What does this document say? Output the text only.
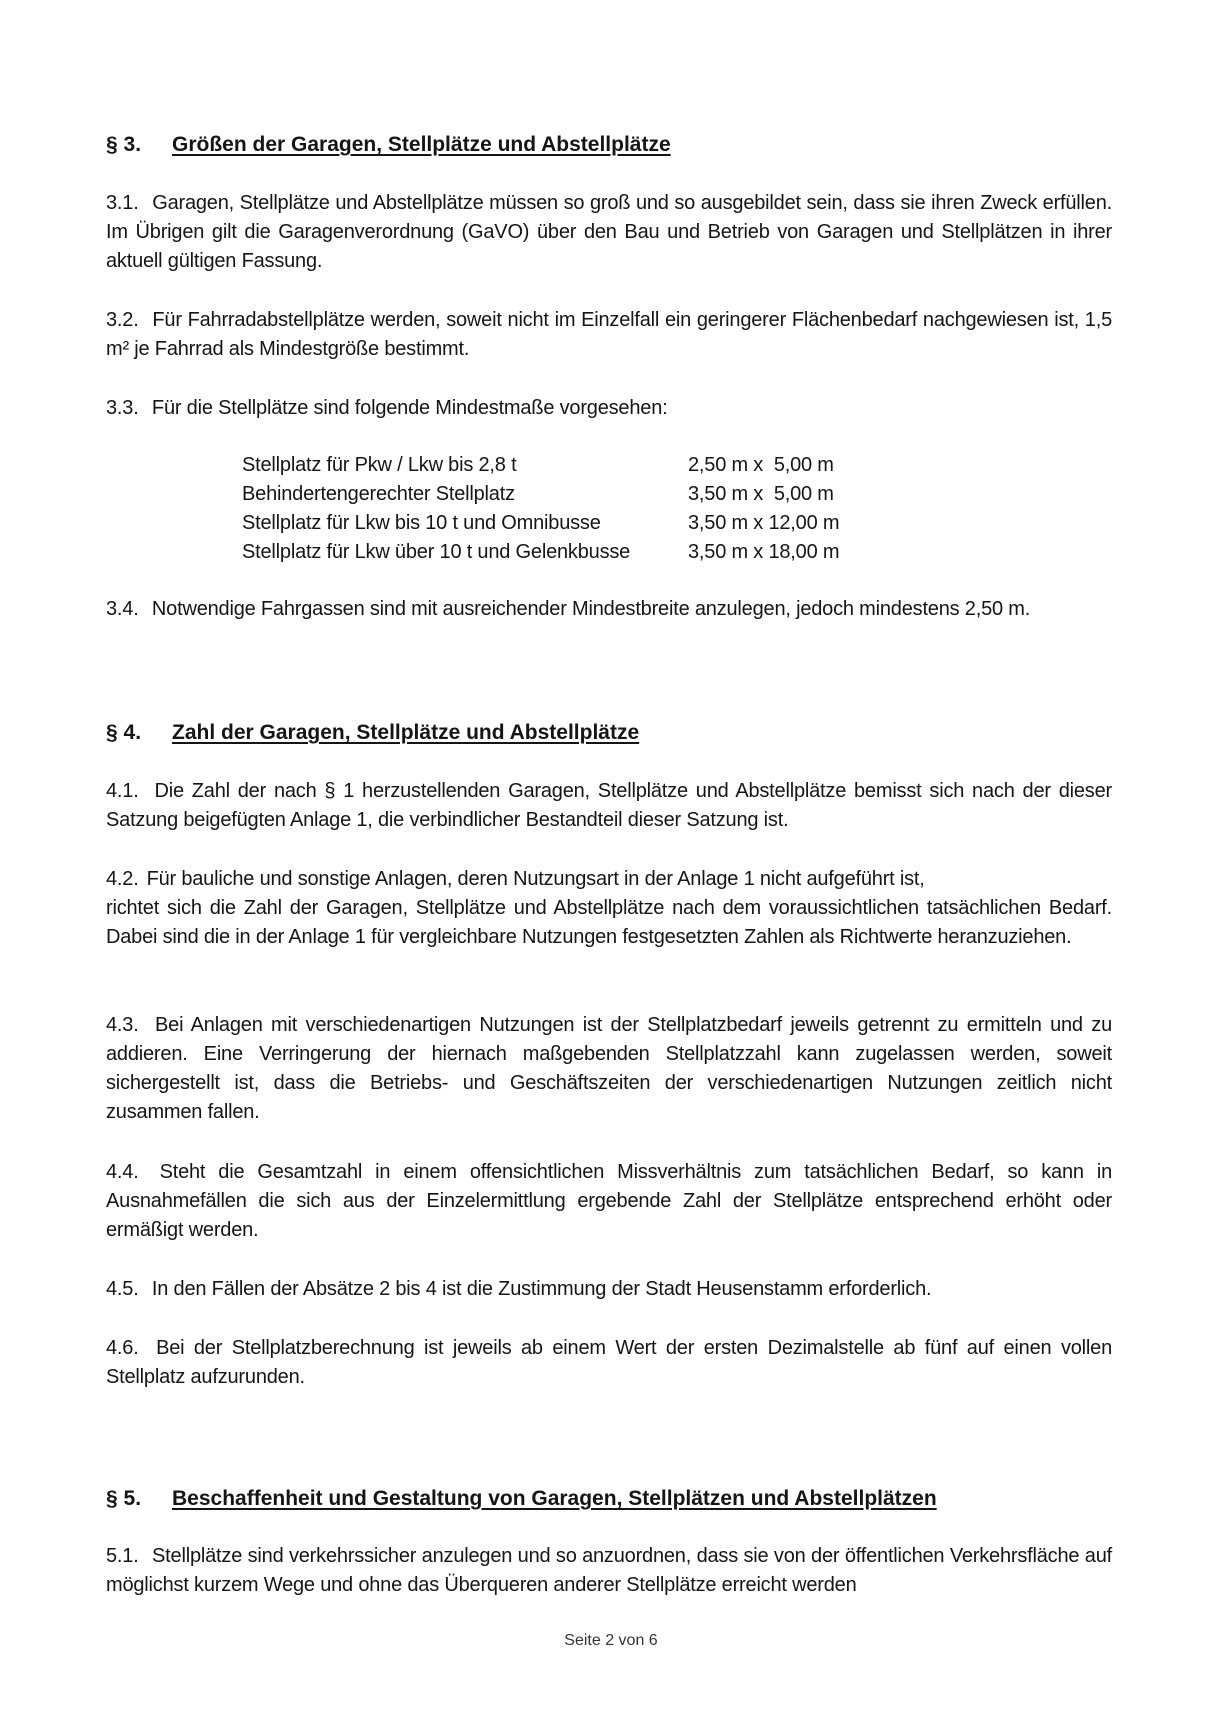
§ 3. Größen der Garagen, Stellplätze und Abstellplätze
3.1. Garagen, Stellplätze und Abstellplätze müssen so groß und so ausgebildet sein, dass sie ihren Zweck erfüllen. Im Übrigen gilt die Garagenverordnung (GaVO) über den Bau und Betrieb von Garagen und Stellplätzen in ihrer aktuell gültigen Fassung.
3.2. Für Fahrradabstellplätze werden, soweit nicht im Einzelfall ein geringerer Flächenbedarf nachgewiesen ist, 1,5 m² je Fahrrad als Mindestgröße bestimmt.
3.3. Für die Stellplätze sind folgende Mindestmaße vorgesehen:
Stellplatz für Pkw / Lkw bis 2,8 t	2,50 m x  5,00 m
Behindertengerechter Stellplatz	3,50 m x  5,00 m
Stellplatz für Lkw bis 10 t und Omnibusse	3,50 m x 12,00 m
Stellplatz für Lkw über 10 t und Gelenkbusse	3,50 m x 18,00 m
3.4. Notwendige Fahrgassen sind mit ausreichender Mindestbreite anzulegen, jedoch mindestens 2,50 m.
§ 4. Zahl der Garagen, Stellplätze und Abstellplätze
4.1. Die Zahl der nach § 1 herzustellenden Garagen, Stellplätze und Abstellplätze bemisst sich nach der dieser Satzung beigefügten Anlage 1, die verbindlicher Bestandteil dieser Satzung ist.
4.2. Für bauliche und sonstige Anlagen, deren Nutzungsart in der Anlage 1 nicht aufgeführt ist,
richtet sich die Zahl der Garagen, Stellplätze und Abstellplätze nach dem voraussichtlichen tatsächlichen Bedarf. Dabei sind die in der Anlage 1 für vergleichbare Nutzungen festgesetzten Zahlen als Richtwerte heranzuziehen.
4.3. Bei Anlagen mit verschiedenartigen Nutzungen ist der Stellplatzbedarf jeweils getrennt zu ermitteln und zu addieren. Eine Verringerung der hiernach maßgebenden Stellplatzzahl kann zugelassen werden, soweit sichergestellt ist, dass die Betriebs- und Geschäftszeiten der verschiedenartigen Nutzungen zeitlich nicht zusammen fallen.
4.4. Steht die Gesamtzahl in einem offensichtlichen Missverhältnis zum tatsächlichen Bedarf, so kann in Ausnahmefällen die sich aus der Einzelermittlung ergebende Zahl der Stellplätze entsprechend erhöht oder ermäßigt werden.
4.5. In den Fällen der Absätze 2 bis 4 ist die Zustimmung der Stadt Heusenstamm erforderlich.
4.6. Bei der Stellplatzberechnung ist jeweils ab einem Wert der ersten Dezimalstelle ab fünf auf einen vollen Stellplatz aufzurunden.
§ 5. Beschaffenheit und Gestaltung von Garagen, Stellplätzen und Abstellplätzen
5.1. Stellplätze sind verkehrssicher anzulegen und so anzuordnen, dass sie von der öffentlichen Verkehrsfläche auf möglichst kurzem Wege und ohne das Überqueren anderer Stellplätze erreicht werden
Seite 2 von 6
